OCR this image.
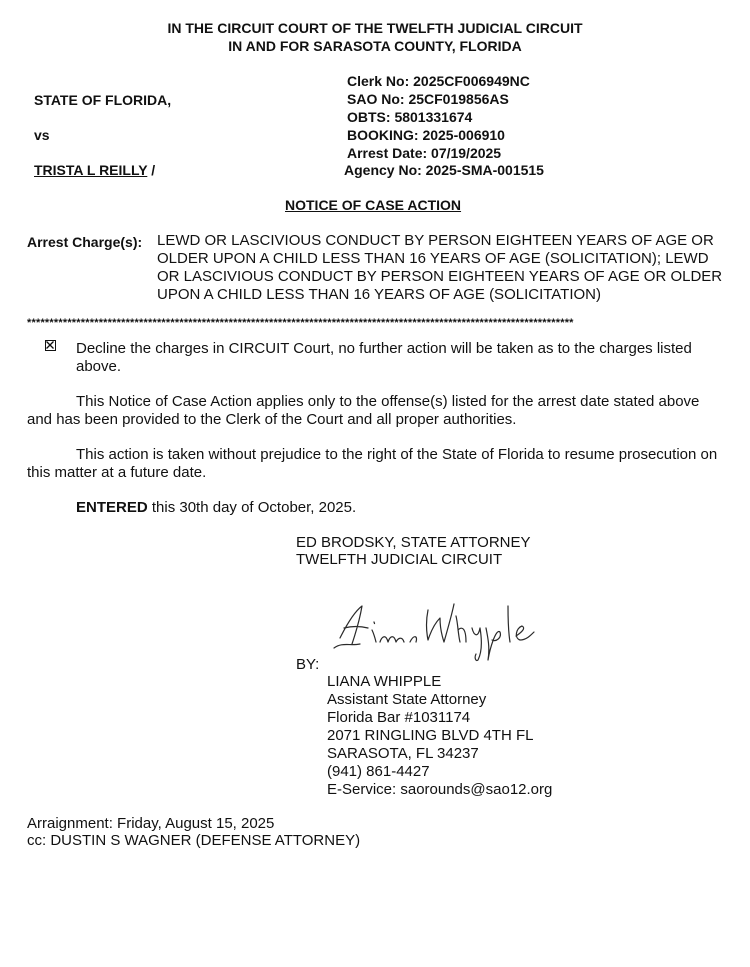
IN THE CIRCUIT COURT OF THE TWELFTH JUDICIAL CIRCUIT
IN AND FOR SARASOTA COUNTY, FLORIDA
STATE OF FLORIDA,
vs
TRISTA L REILLY /
Clerk No: 2025CF006949NC
SAO No: 25CF019856AS
OBTS: 5801331674
BOOKING: 2025-006910
Arrest Date: 07/19/2025
Agency No: 2025-SMA-001515
NOTICE OF CASE ACTION
Arrest Charge(s): LEWD OR LASCIVIOUS CONDUCT BY PERSON EIGHTEEN YEARS OF AGE OR
OLDER UPON A CHILD LESS THAN 16 YEARS OF AGE (SOLICITATION); LEWD
OR LASCIVIOUS CONDUCT BY PERSON EIGHTEEN YEARS OF AGE OR OLDER
UPON A CHILD LESS THAN 16 YEARS OF AGE (SOLICITATION)
**************************************************************************************************************************
Decline the charges in CIRCUIT Court, no further action will be taken as to the charges listed
above.
This Notice of Case Action applies only to the offense(s) listed for the arrest date stated above
and has been provided to the Clerk of the Court and all proper authorities.
This action is taken without prejudice to the right of the State of Florida to resume prosecution on
this matter at a future date.
ENTERED this 30th day of October, 2025.
ED BRODSKY, STATE ATTORNEY
TWELFTH JUDICIAL CIRCUIT
BY:
LIANA WHIPPLE
Assistant State Attorney
Florida Bar #1031174
2071 RINGLING BLVD 4TH FL
SARASOTA, FL 34237
(941) 861-4427
E-Service: saorounds@sao12.org
Arraignment: Friday, August 15, 2025
cc: DUSTIN S WAGNER (DEFENSE ATTORNEY)
